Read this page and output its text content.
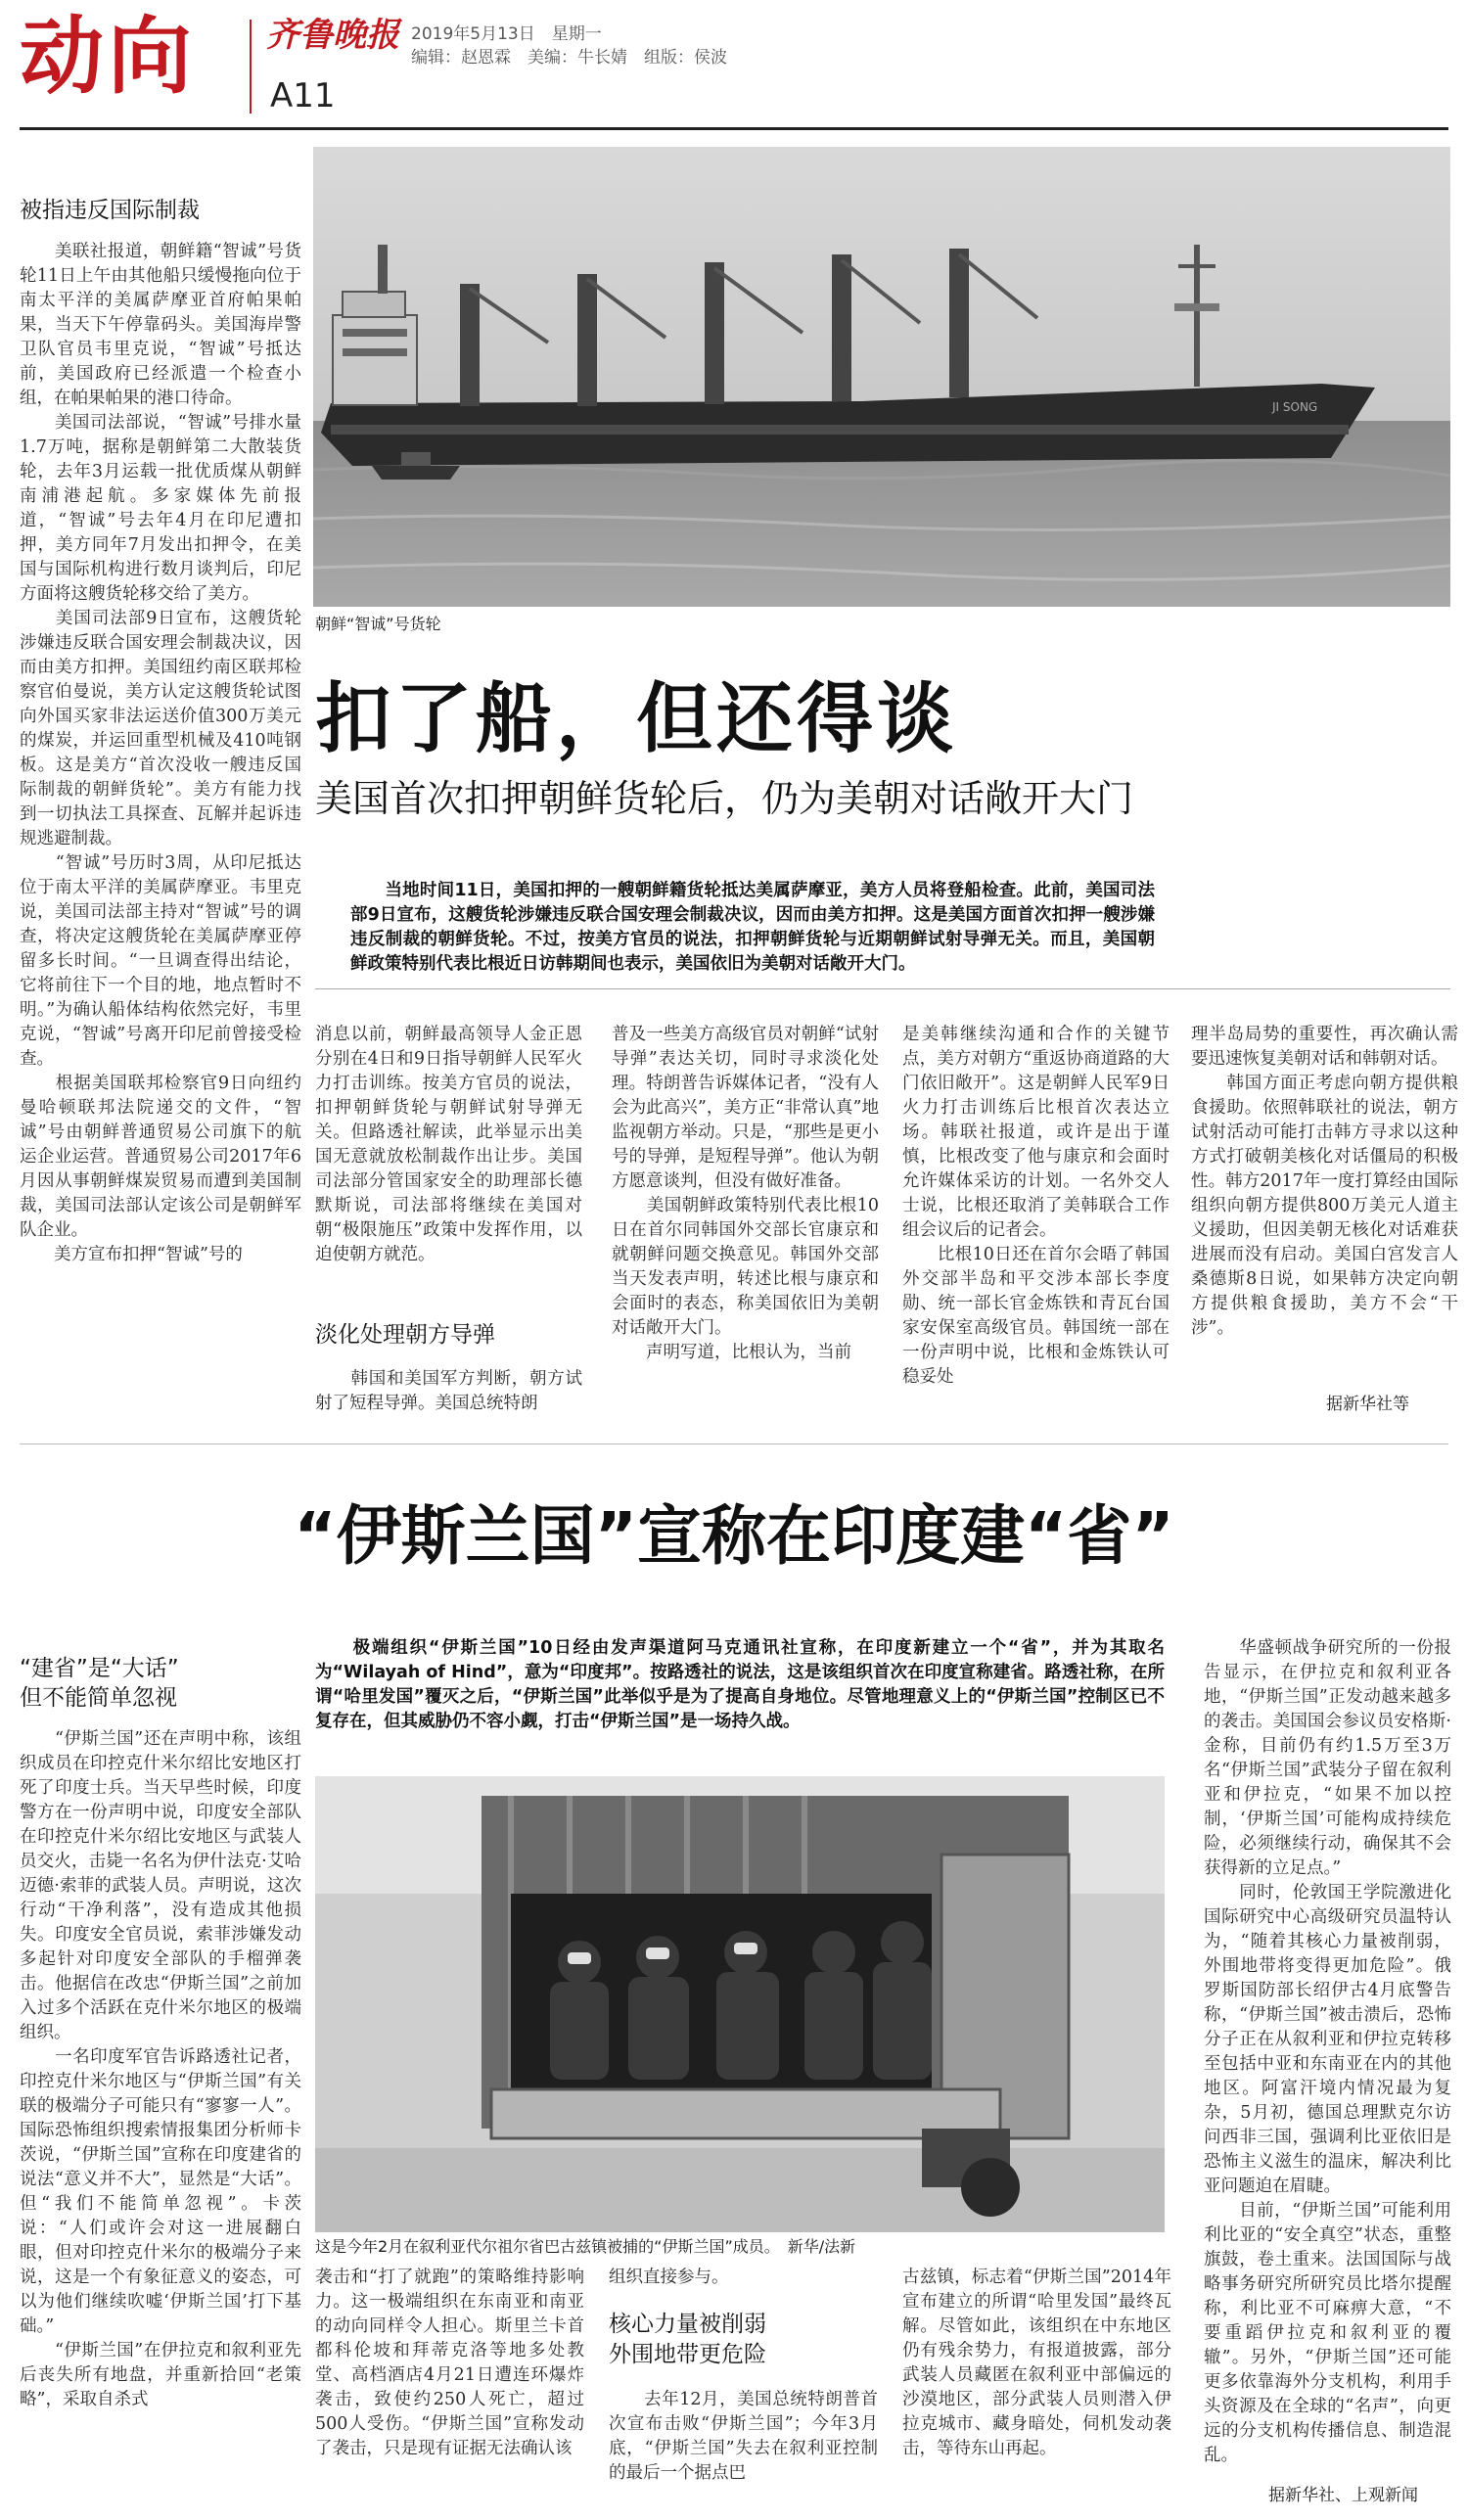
动向 齐鲁晚报
A11
2019年5月13日　星期一
编辑：赵恩霖　美编：牛长婧　组版：侯波
被指违反国际制裁

　　美联社报道，朝鲜籍“智诚”号货轮11日上午由其他船只缓慢拖向位于南太平洋的美属萨摩亚首府帕果帕果，当天下午停靠码头。美国海岸警卫队官员韦里克说，“智诚”号抵达前，美国政府已经派遣一个检查小组，在帕果帕果的港口待命。
　　美国司法部说，“智诚”号排水量1.7万吨，据称是朝鲜第二大散装货轮，去年3月运载一批优质煤从朝鲜南浦港起航。多家媒体先前报道，“智诚”号去年4月在印尼遭扣押，美方同年7月发出扣押令，在美国与国际机构进行数月谈判后，印尼方面将这艘货轮移交给了美方。
　　美国司法部9日宣布，这艘货轮涉嫌违反联合国安理会制裁决议，因而由美方扣押。美国纽约南区联邦检察官伯曼说，美方认定这艘货轮试图向外国买家非法运送价值300万美元的煤炭，并运回重型机械及410吨钢板。这是美方“首次没收一艘违反国际制裁的朝鲜货轮”。美方有能力找到一切执法工具探查、瓦解并起诉违规逃避制裁。
　　“智诚”号历时3周，从印尼抵达位于南太平洋的美属萨摩亚。韦里克说，美国司法部主持对“智诚”号的调查，将决定这艘货轮在美属萨摩亚停留多长时间。“一旦调查得出结论，它将前往下一个目的地，地点暂时不明。”为确认船体结构依然完好，韦里克说，“智诚”号离开印尼前曾接受检查。
　　根据美国联邦检察官9日向纽约曼哈顿联邦法院递交的文件，“智诚”号由朝鲜普通贸易公司旗下的航运企业运营。普通贸易公司2017年6月因从事朝鲜煤炭贸易而遭到美国制裁，美国司法部认定该公司是朝鲜军队企业。
　　美方宣布扣押“智诚”号的

JI SONG
朝鲜“智诚”号货轮
扣了船，但还得谈
美国首次扣押朝鲜货轮后，仍为美朝对话敞开大门

　　当地时间11日，美国扣押的一艘朝鲜籍货轮抵达美属萨摩亚，美方人员将登船检查。此前，美国司法部9日宣布，这艘货轮涉嫌违反联合国安理会制裁决议，因而由美方扣押。这是美国方面首次扣押一艘涉嫌违反制裁的朝鲜货轮。不过，按美方官员的说法，扣押朝鲜货轮与近期朝鲜试射导弹无关。而且，美国朝鲜政策特别代表比根近日访韩期间也表示，美国依旧为美朝对话敞开大门。

消息以前，朝鲜最高领导人金正恩分别在4日和9日指导朝鲜人民军火力打击训练。按美方官员的说法，扣押朝鲜货轮与朝鲜试射导弹无关。但路透社解读，此举显示出美国无意就放松制裁作出让步。美国司法部分管国家安全的助理部长德默斯说，司法部将继续在美国对朝“极限施压”政策中发挥作用，以迫使朝方就范。

淡化处理朝方导弹

　　韩国和美国军方判断，朝方试射了短程导弹。美国总统特朗

普及一些美方高级官员对朝鲜“试射导弹”表达关切，同时寻求淡化处理。特朗普告诉媒体记者，“没有人会为此高兴”，美方正“非常认真”地监视朝方举动。只是，“那些是更小号的导弹，是短程导弹”。他认为朝方愿意谈判，但没有做好准备。
　　美国朝鲜政策特别代表比根10日在首尔同韩国外交部长官康京和就朝鲜问题交换意见。韩国外交部当天发表声明，转述比根与康京和会面时的表态，称美国依旧为美朝对话敞开大门。
　　声明写道，比根认为，当前

是美韩继续沟通和合作的关键节点，美方对朝方“重返协商道路的大门依旧敞开”。这是朝鲜人民军9日火力打击训练后比根首次表达立场。韩联社报道，或许是出于谨慎，比根改变了他与康京和会面时允许媒体采访的计划。一名外交人士说，比根还取消了美韩联合工作组会议后的记者会。
　　比根10日还在首尔会晤了韩国外交部半岛和平交涉本部长李度勋、统一部长官金炼铁和青瓦台国家安保室高级官员。韩国统一部在一份声明中说，比根和金炼铁认可稳妥处

理半岛局势的重要性，再次确认需要迅速恢复美朝对话和韩朝对话。
　　韩国方面正考虑向朝方提供粮食援助。依照韩联社的说法，朝方试射活动可能打击韩方寻求以这种方式打破朝美核化对话僵局的积极性。韩方2017年一度打算经由国际组织向朝方提供800万美元人道主义援助，但因美朝无核化对话难获进展而没有启动。美国白宫发言人桑德斯8日说，如果韩方决定向朝方提供粮食援助，美方不会“干涉”。

据新华社等
“伊斯兰国”宣称在印度建“省”
“建省”是“大话”
但不能简单忽视

　　“伊斯兰国”还在声明中称，该组织成员在印控克什米尔绍比安地区打死了印度士兵。当天早些时候，印度警方在一份声明中说，印度安全部队在印控克什米尔绍比安地区与武装人员交火，击毙一名名为伊什法克·艾哈迈德·索菲的武装人员。声明说，这次行动“干净利落”，没有造成其他损失。印度安全官员说，索菲涉嫌发动多起针对印度安全部队的手榴弹袭击。他据信在改忠“伊斯兰国”之前加入过多个活跃在克什米尔地区的极端组织。
　　一名印度军官告诉路透社记者，印控克什米尔地区与“伊斯兰国”有关联的极端分子可能只有“寥寥一人”。国际恐怖组织搜索情报集团分析师卡茨说，“伊斯兰国”宣称在印度建省的说法“意义并不大”，显然是“大话”。但“我们不能简单忽视”。卡茨说：“人们或许会对这一进展翻白眼，但对印控克什米尔的极端分子来说，这是一个有象征意义的姿态，可以为他们继续吹嘘‘伊斯兰国’打下基础。”
　　“伊斯兰国”在伊拉克和叙利亚先后丧失所有地盘，并重新拾回“老策略”，采取自杀式

　　极端组织“伊斯兰国”10日经由发声渠道阿马克通讯社宣称，在印度新建立一个“省”，并为其取名为“Wilayah of Hind”，意为“印度邦”。按路透社的说法，这是该组织首次在印度宣称建省。路透社称，在所谓“哈里发国”覆灭之后，“伊斯兰国”此举似乎是为了提高自身地位。尽管地理意义上的“伊斯兰国”控制区已不复存在，但其威胁仍不容小觑，打击“伊斯兰国”是一场持久战。

这是今年2月在叙利亚代尔祖尔省巴古兹镇被捕的“伊斯兰国”成员。　新华/法新

　　华盛顿战争研究所的一份报告显示，在伊拉克和叙利亚各地，“伊斯兰国”正发动越来越多的袭击。美国国会参议员安格斯·金称，目前仍有约1.5万至3万名“伊斯兰国”武装分子留在叙利亚和伊拉克，“如果不加以控制，‘伊斯兰国’可能构成持续危险，必须继续行动，确保其不会获得新的立足点。”
　　同时，伦敦国王学院激进化国际研究中心高级研究员温特认为，“随着其核心力量被削弱，外围地带将变得更加危险”。俄罗斯国防部长绍伊古4月底警告称，“伊斯兰国”被击溃后，恐怖分子正在从叙利亚和伊拉克转移至包括中亚和东南亚在内的其他地区。阿富汗境内情况最为复杂，5月初，德国总理默克尔访问西非三国，强调利比亚依旧是恐怖主义滋生的温床，解决利比亚问题迫在眉睫。
　　目前，“伊斯兰国”可能利用利比亚的“安全真空”状态，重整旗鼓，卷土重来。法国国际与战略事务研究所研究员比塔尔提醒称，利比亚不可麻痹大意，“不要重蹈伊拉克和叙利亚的覆辙”。另外，“伊斯兰国”还可能更多依靠海外分支机构，利用手头资源及在全球的“名声”，向更远的分支机构传播信息、制造混乱。

袭击和“打了就跑”的策略维持影响力。这一极端组织在东南亚和南亚的动向同样令人担心。斯里兰卡首都科伦坡和拜蒂克洛等地多处教堂、高档酒店4月21日遭连环爆炸袭击，致使约250人死亡，超过500人受伤。“伊斯兰国”宣称发动了袭击，只是现有证据无法确认该

组织直接参与。

核心力量被削弱
外围地带更危险

　　去年12月，美国总统特朗普首次宣布击败“伊斯兰国”；今年3月底，“伊斯兰国”失去在叙利亚控制的最后一个据点巴

古兹镇，标志着“伊斯兰国”2014年宣布建立的所谓“哈里发国”最终瓦解。尽管如此，该组织在中东地区仍有残余势力，有报道披露，部分武装人员藏匿在叙利亚中部偏远的沙漠地区，部分武装人员则潜入伊拉克城市、藏身暗处，伺机发动袭击，等待东山再起。

据新华社、上观新闻
